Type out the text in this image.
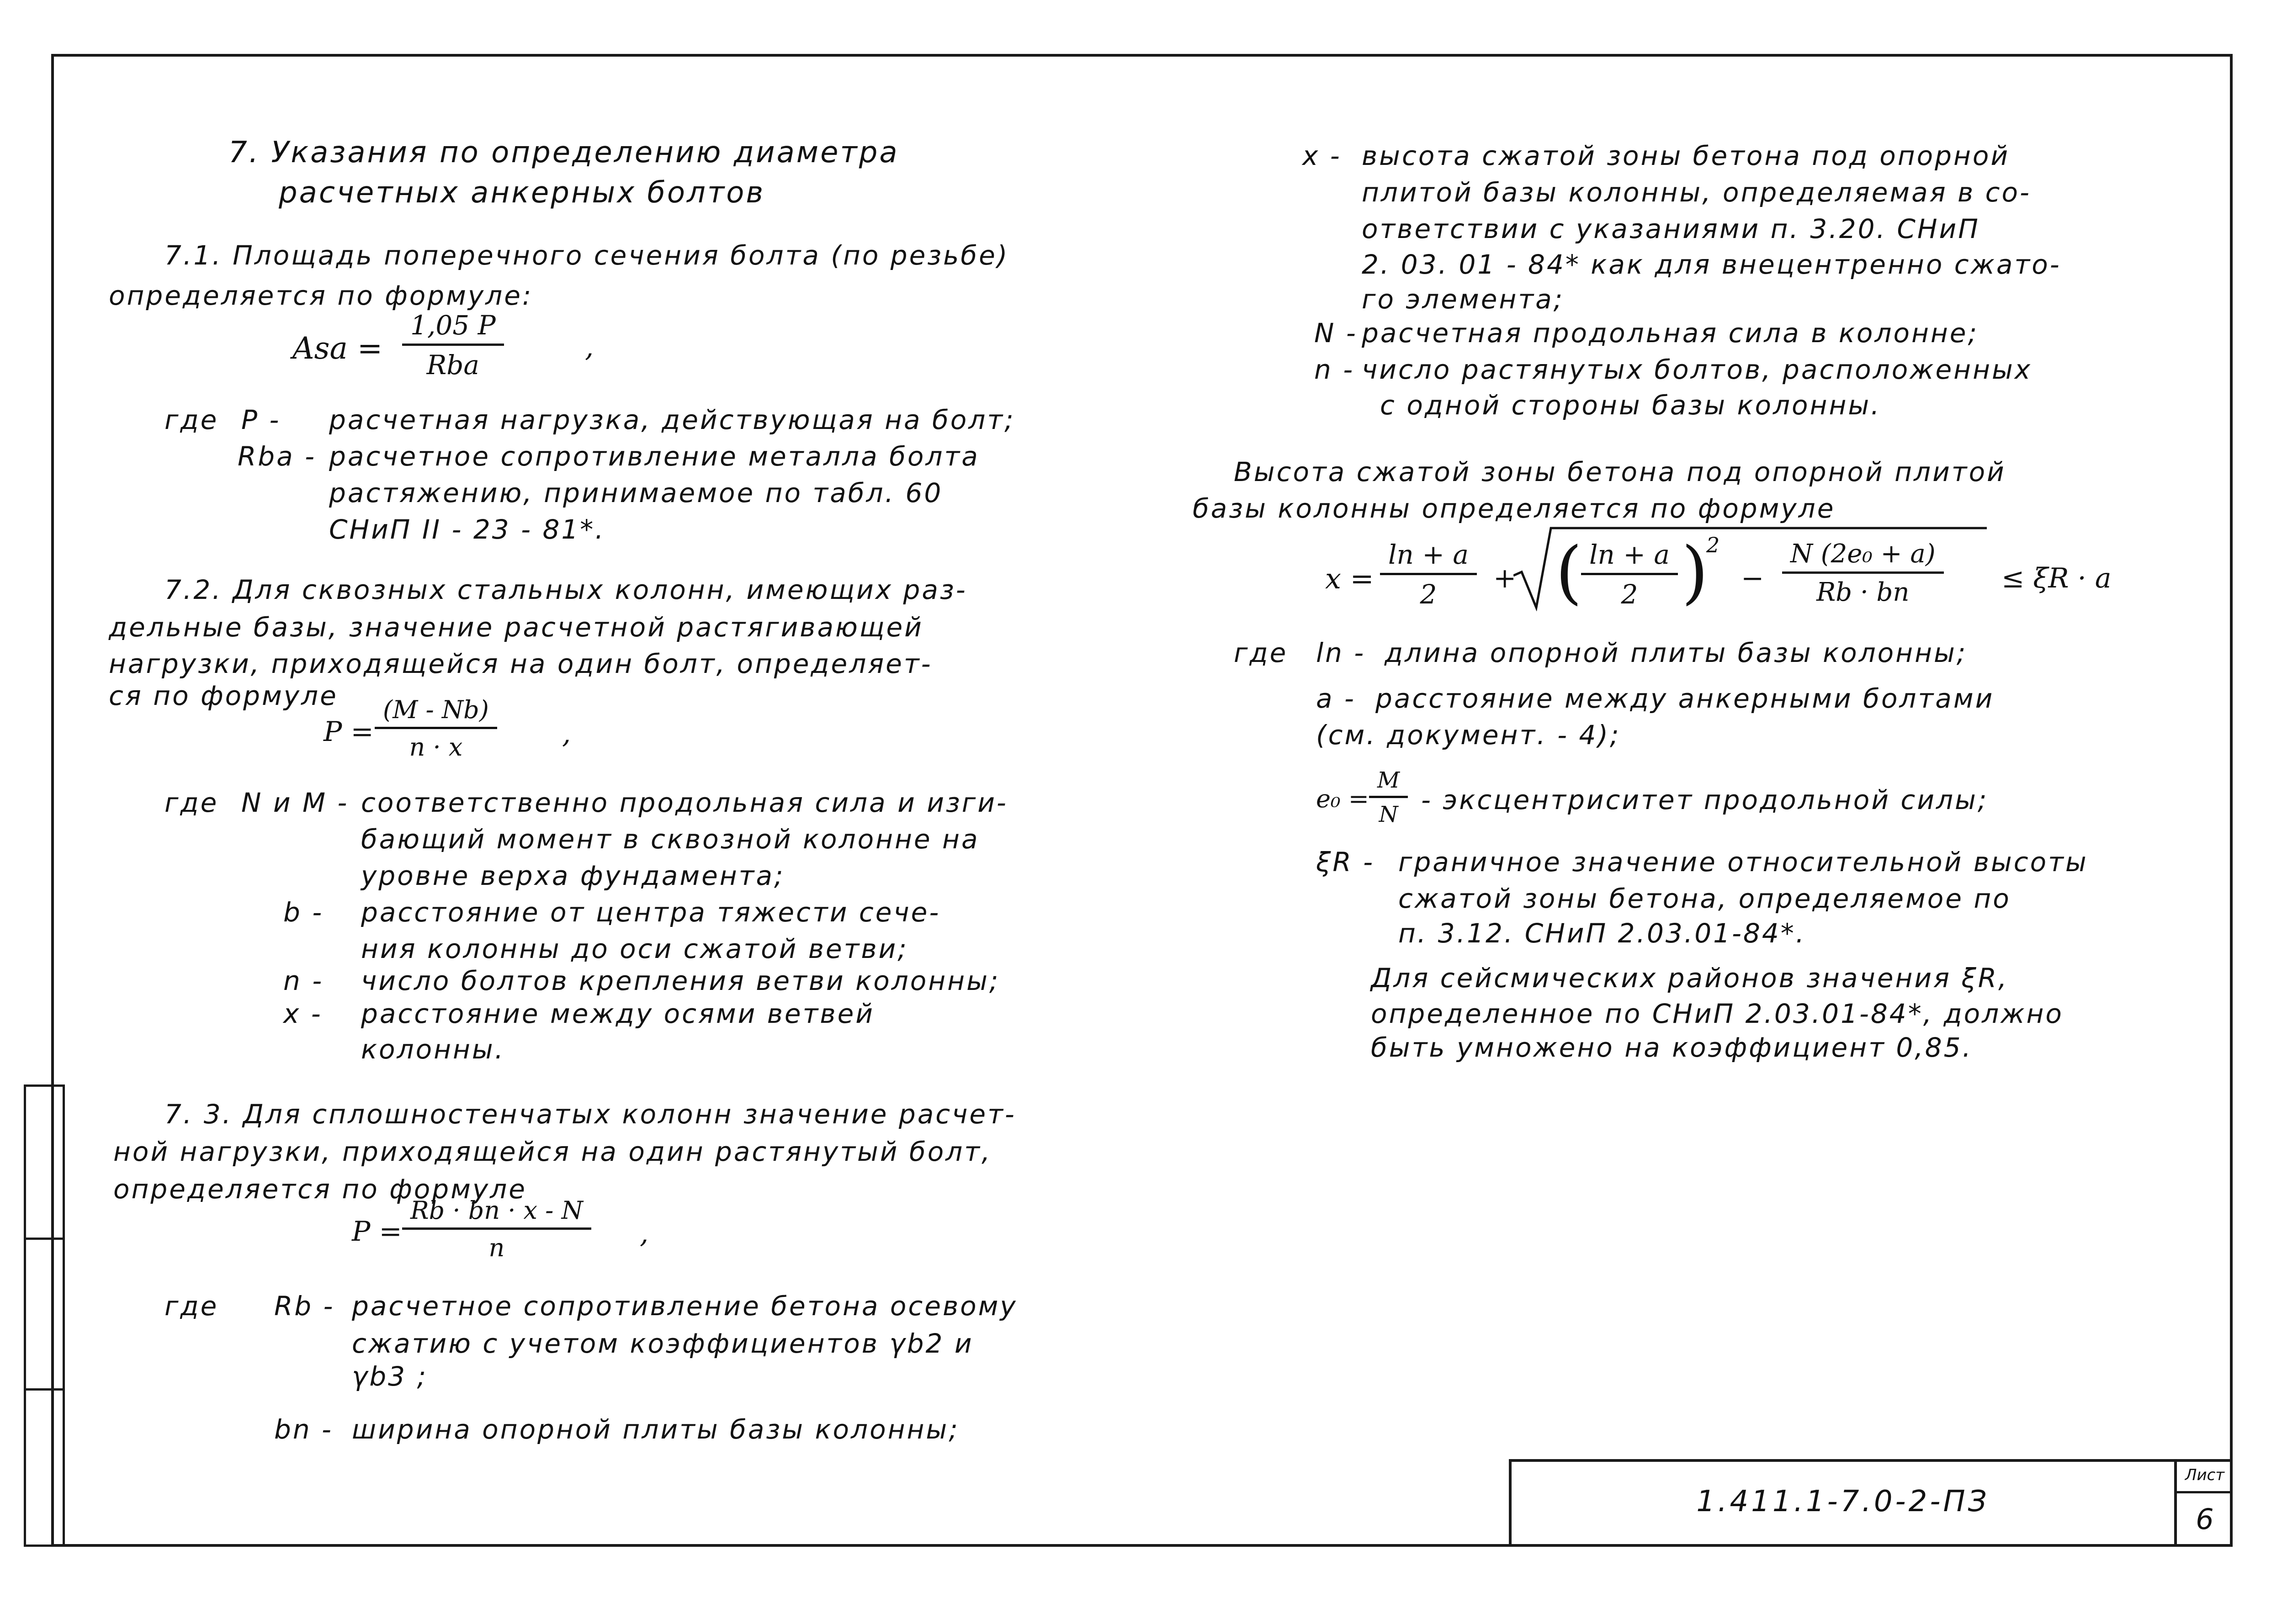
7. Указания по определению диаметра
расчетных анкерных болтов
7.1. Площадь поперечного сечения болта (по резьбе)
определяется по формуле:
Asa =
1,05 P
Rba
,
где P - расчетная нагрузка, действующая на болт;
Rba - расчетное сопротивление металла болта
растяжению, принимаемое по табл. 60
СНиП II - 23 - 81*.
7.2. Для сквозных стальных колонн, имеющих раз-
дельные базы, значение расчетной растягивающей
нагрузки, приходящейся на один болт, определяет-
ся по формуле
$P = \frac{(M - Nb)}{n \cdot x}$ ,
где N и M - соответственно продольная сила и изги-
бающий момент в сквозной колонне на
уровне верха фундамента;
b - расстояние от центра тяжести сече-
ния колонны до оси сжатой ветви;
n - число болтов крепления ветви колонны;
x - расстояние между осями ветвей
колонны.
7. 3. Для сплошностенчатых колонн значение расчет-
ной нагрузки, приходящейся на один растянутый болт,
определяется по формуле
$P = \frac{Rb \cdot bn \cdot x - N}{n}$ ,
где Rb - расчетное сопротивление бетона осевому
сжатию с учетом коэффициентов γb2 и
γb3 ;
bn - ширина опорной плиты базы колонны;
x - высота сжатой зоны бетона под опорной
плитой базы колонны, определяемая в со-
ответствии с указаниями п. 3.20. СНиП
2. 03. 01 - 84* как для внецентренно сжато-
го элемента;
N - расчетная продольная сила в колонне;
n - число растянутых болтов, расположенных
с одной стороны базы колонны.
Высота сжатой зоны бетона под опорной плитой
базы колонны определяется по формуле
$x = \frac{\ln + a}{2}$ + (
$\frac{\ln + a}{2}$ )
2
− $\frac{\text{N (2e₀ + a)}}{Rb \cdot bn} \le \xi R \cdot a$
где ln - длина опорной плиты базы колонны;
a - расстояние между анкерными болтами
(см. документ. - 4);
$e_0 = \frac{M}{N}$ - эксцентриситет продольной силы;
ξR - граничное значение относительной высоты
сжатой зоны бетона, определяемое по
п. 3.12. СНиП 2.03.01-84*.
Для сейсмических районов значения ξR,
определенное по СНиП 2.03.01-84*, должно
быть умножено на коэффициент 0,85.
1.411.1-7.0-2-ПЗ
Лист
6
